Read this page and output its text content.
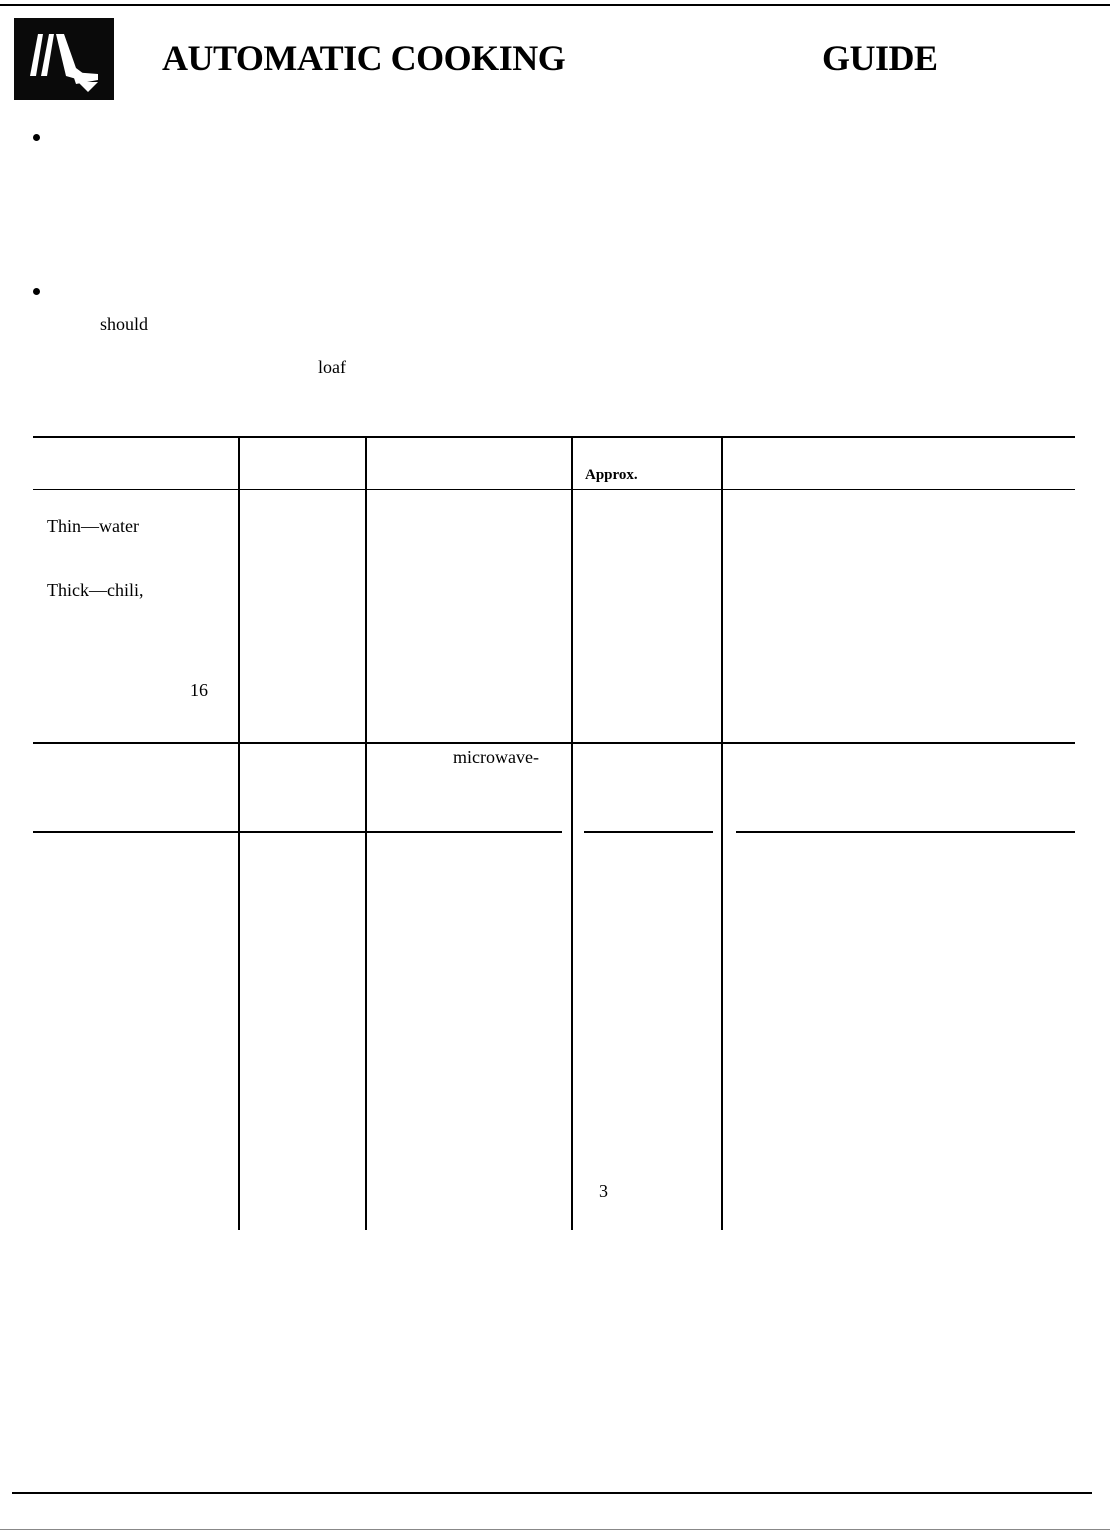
AUTOMATIC COOKING	GUIDE
should
loaf
Approx.
Thin—water
Thick—chili,
16
microwave-
3
